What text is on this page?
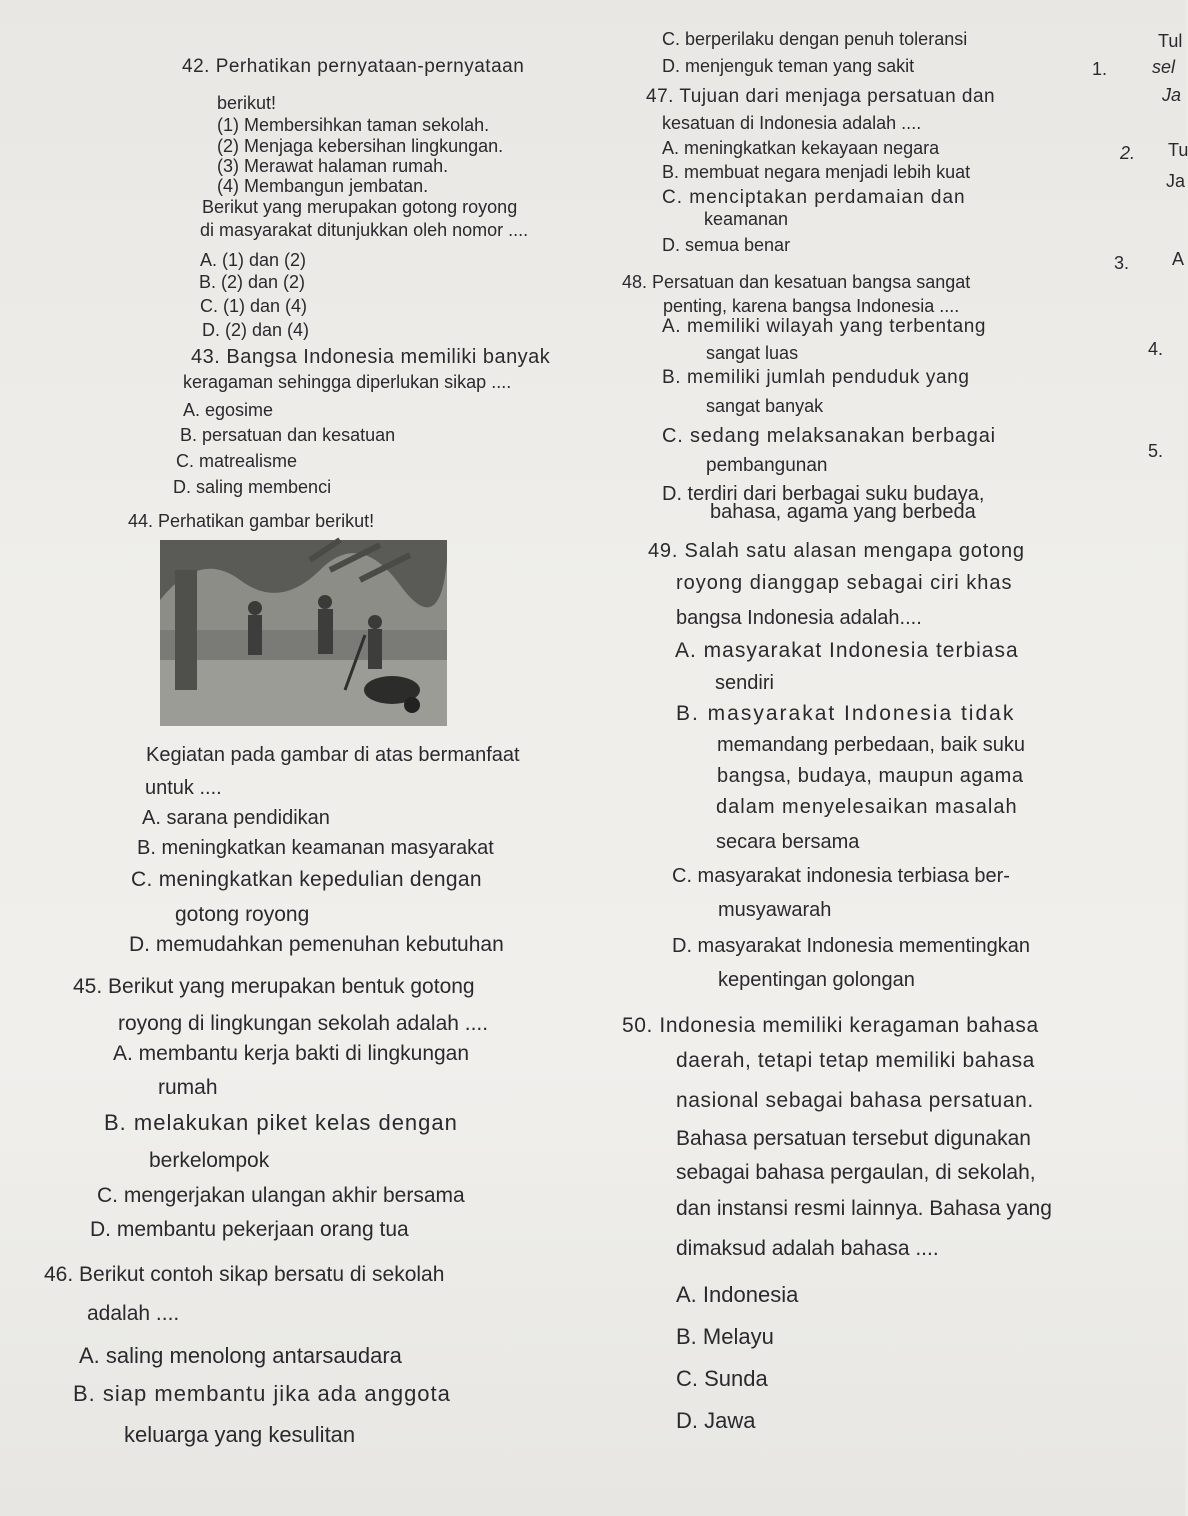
42. Perhatikan pernyataan-pernyataan
berikut!
(1) Membersihkan taman sekolah.
(2) Menjaga kebersihan lingkungan.
(3) Merawat halaman rumah.
(4) Membangun jembatan.
Berikut yang merupakan gotong royong
di masyarakat ditunjukkan oleh nomor ....
A. (1) dan (2)
B. (2) dan (2)
C. (1) dan (4)
D. (2) dan (4)
43. Bangsa Indonesia memiliki banyak
keragaman sehingga diperlukan sikap ....
A. egosime
B. persatuan dan kesatuan
C. matrealisme
D. saling membenci
44. Perhatikan gambar berikut!
Kegiatan pada gambar di atas bermanfaat
untuk ....
A. sarana pendidikan
B. meningkatkan keamanan masyarakat
C. meningkatkan kepedulian dengan
gotong royong
D. memudahkan pemenuhan kebutuhan
45. Berikut yang merupakan bentuk gotong
royong di lingkungan sekolah adalah ....
A. membantu kerja bakti di lingkungan
rumah
B. melakukan piket kelas dengan
berkelompok
C. mengerjakan ulangan akhir bersama
D. membantu pekerjaan orang tua
46. Berikut contoh sikap bersatu di sekolah
adalah ....
A. saling menolong antarsaudara
B. siap membantu jika ada anggota
keluarga yang kesulitan
C. berperilaku dengan penuh toleransi
D. menjenguk teman yang sakit
47. Tujuan dari menjaga persatuan dan
kesatuan di Indonesia adalah ....
A. meningkatkan kekayaan negara
B. membuat negara menjadi lebih kuat
C. menciptakan perdamaian dan
keamanan
D. semua benar
48. Persatuan dan kesatuan bangsa sangat
penting, karena bangsa Indonesia ....
A. memiliki wilayah yang terbentang
sangat luas
B. memiliki jumlah penduduk yang
sangat banyak
C. sedang melaksanakan berbagai
pembangunan
D. terdiri dari berbagai suku budaya,
bahasa, agama yang berbeda
49. Salah satu alasan mengapa gotong
royong dianggap sebagai ciri khas
bangsa Indonesia adalah....
A. masyarakat Indonesia terbiasa
sendiri
B. masyarakat Indonesia tidak
memandang perbedaan, baik suku
bangsa, budaya, maupun agama
dalam menyelesaikan masalah
secara bersama
C. masyarakat indonesia terbiasa ber-
musyawarah
D. masyarakat Indonesia mementingkan
kepentingan golongan
50. Indonesia memiliki keragaman bahasa
daerah, tetapi tetap memiliki bahasa
nasional sebagai bahasa persatuan.
Bahasa persatuan tersebut digunakan
sebagai bahasa pergaulan, di sekolah,
dan instansi resmi lainnya. Bahasa yang
dimaksud adalah bahasa ....
A. Indonesia
B. Melayu
C. Sunda
D. Jawa
1.
Tul
sel
Ja
2. Tu
Ja
3. A
4.
5.
